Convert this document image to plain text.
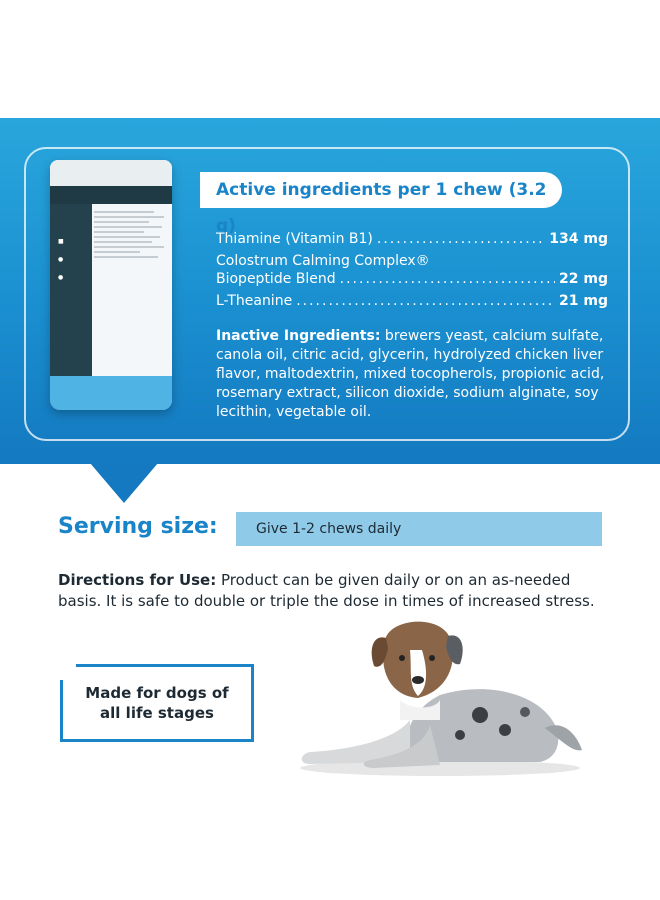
■
●
●
Active ingredients per 1 chew (3.2 g)
Thiamine (Vitamin B1) .....	134 mg
Colostrum Calming Complex®
Biopeptide Blend .....	22 mg
L-Theanine .....	21 mg
Inactive Ingredients: brewers yeast, calcium sulfate, canola oil, citric acid, glycerin, hydrolyzed chicken liver flavor, maltodextrin, mixed tocopherols, propionic acid, rosemary extract, silicon dioxide, sodium alginate, soy lecithin, vegetable oil.
Serving size:	Give 1-2 chews daily
Directions for Use: Product can be given daily or on an as-needed basis. It is safe to double or triple the dose in times of increased stress.
Made for dogs of
all life stages
